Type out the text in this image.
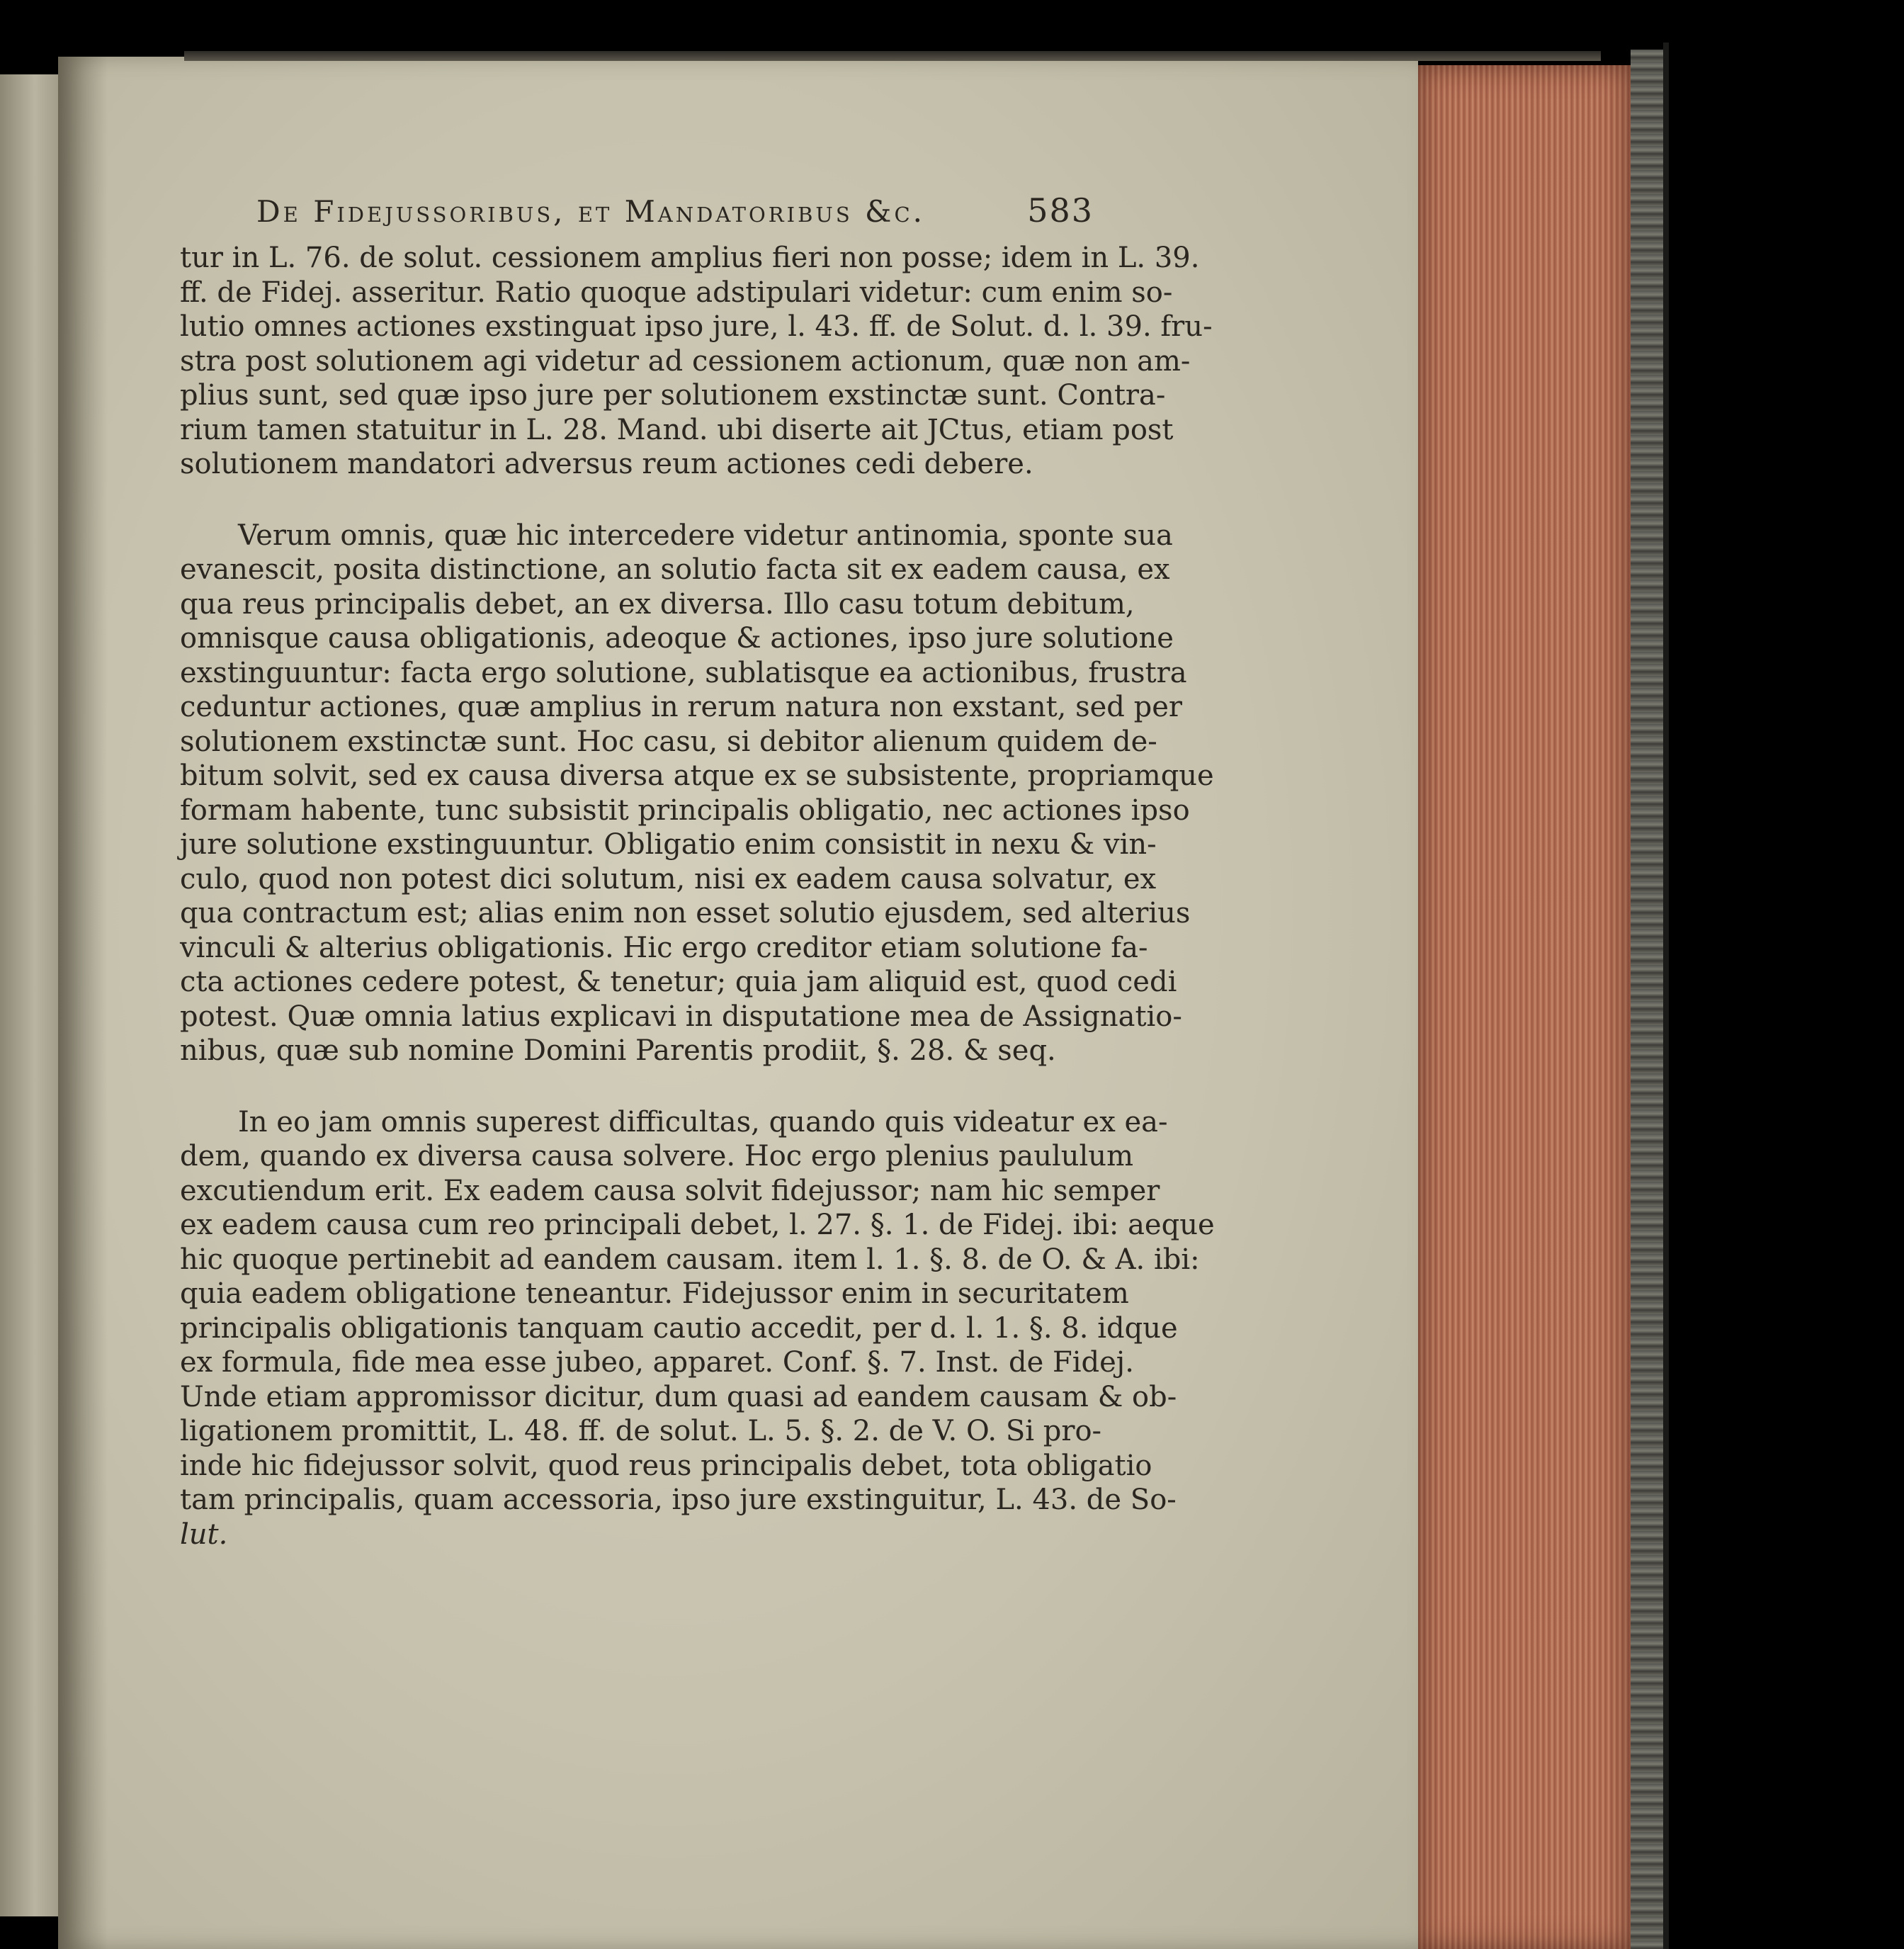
De Fidejussoribus, et Mandatoribus &c.	583
tur in L. 76. de solut. cessionem amplius fieri non posse; idem in L. 39.
ff. de Fidej. asseritur. Ratio quoque adstipulari videtur: cum enim so-
lutio omnes actiones exstinguat ipso jure, l. 43. ff. de Solut. d. l. 39. fru-
stra post solutionem agi videtur ad cessionem actionum, quæ non am-
plius sunt, sed quæ ipso jure per solutionem exstinctæ sunt. Contra-
rium tamen statuitur in L. 28. Mand. ubi diserte ait JCtus, etiam post
solutionem mandatori adversus reum actiones cedi debere.
Verum omnis, quæ hic intercedere videtur antinomia, sponte sua
evanescit, posita distinctione, an solutio facta sit ex eadem causa, ex
qua reus principalis debet, an ex diversa. Illo casu totum debitum,
omnisque causa obligationis, adeoque & actiones, ipso jure solutione
exstinguuntur: facta ergo solutione, sublatisque ea actionibus, frustra
ceduntur actiones, quæ amplius in rerum natura non exstant, sed per
solutionem exstinctæ sunt. Hoc casu, si debitor alienum quidem de-
bitum solvit, sed ex causa diversa atque ex se subsistente, propriamque
formam habente, tunc subsistit principalis obligatio, nec actiones ipso
jure solutione exstinguuntur. Obligatio enim consistit in nexu & vin-
culo, quod non potest dici solutum, nisi ex eadem causa solvatur, ex
qua contractum est; alias enim non esset solutio ejusdem, sed alterius
vinculi & alterius obligationis. Hic ergo creditor etiam solutione fa-
cta actiones cedere potest, & tenetur; quia jam aliquid est, quod cedi
potest. Quæ omnia latius explicavi in disputatione mea de Assignatio-
nibus, quæ sub nomine Domini Parentis prodiit, §. 28. & seq.
In eo jam omnis superest difficultas, quando quis videatur ex ea-
dem, quando ex diversa causa solvere. Hoc ergo plenius paululum
excutiendum erit. Ex eadem causa solvit fidejussor; nam hic semper
ex eadem causa cum reo principali debet, l. 27. §. 1. de Fidej. ibi: aeque
hic quoque pertinebit ad eandem causam. item l. 1. §. 8. de O. & A. ibi:
quia eadem obligatione teneantur. Fidejussor enim in securitatem
principalis obligationis tanquam cautio accedit, per d. l. 1. §. 8. idque
ex formula, fide mea esse jubeo, apparet. Conf. §. 7. Inst. de Fidej.
Unde etiam appromissor dicitur, dum quasi ad eandem causam & ob-
ligationem promittit, L. 48. ff. de solut. L. 5. §. 2. de V. O. Si pro-
inde hic fidejussor solvit, quod reus principalis debet, tota obligatio
tam principalis, quam accessoria, ipso jure exstinguitur, L. 43. de So-
lut.
